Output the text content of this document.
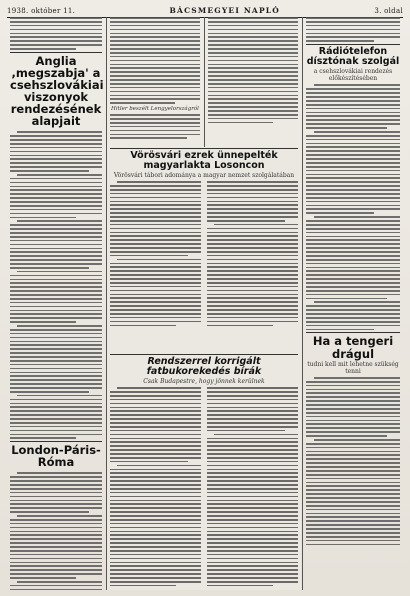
1938. október 11.	BÁCSMEGYEI NAPLÓ	3. oldal
Anglia ,megszabja' a csehszlovákiai viszonyok rendezésének alapjait
London-Páris-Róma
Hitler beszélt Lengyelországról
Rádiótelefon dísztónak szolgál
a csehszlovákiai rendezés előkészítésében
Ha a tengeri drágul
tudni kell mit lehetne szükség tenni
Vörösvári ezrek ünnepelték magyarlakta Losoncon
Vörösvári tábori adománya a magyar nemzet szolgálatában
Rendszerrel korrigált fatbukorekedés bírák
Csak Budapestre, hogy jönnek kerülnek
